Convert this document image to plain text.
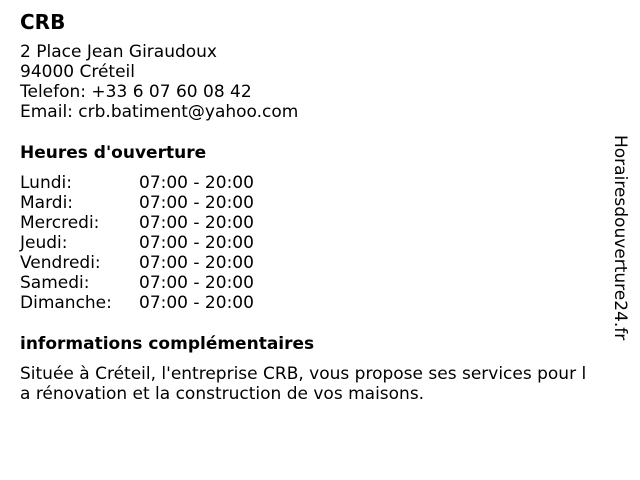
CRB
2 Place Jean Giraudoux
94000 Créteil
Telefon: +33 6 07 60 08 42
Email: crb.batiment@yahoo.com
Heures d'ouverture
Lundi:	07:00 - 20:00
Mardi:	07:00 - 20:00
Mercredi:	07:00 - 20:00
Jeudi:	07:00 - 20:00
Vendredi:	07:00 - 20:00
Samedi:	07:00 - 20:00
Dimanche:	07:00 - 20:00
informations complémentaires
Située à Créteil, l'entreprise CRB, vous propose ses services pour la rénovation et la construction de vos maisons.
Horairesdouverture24.fr
